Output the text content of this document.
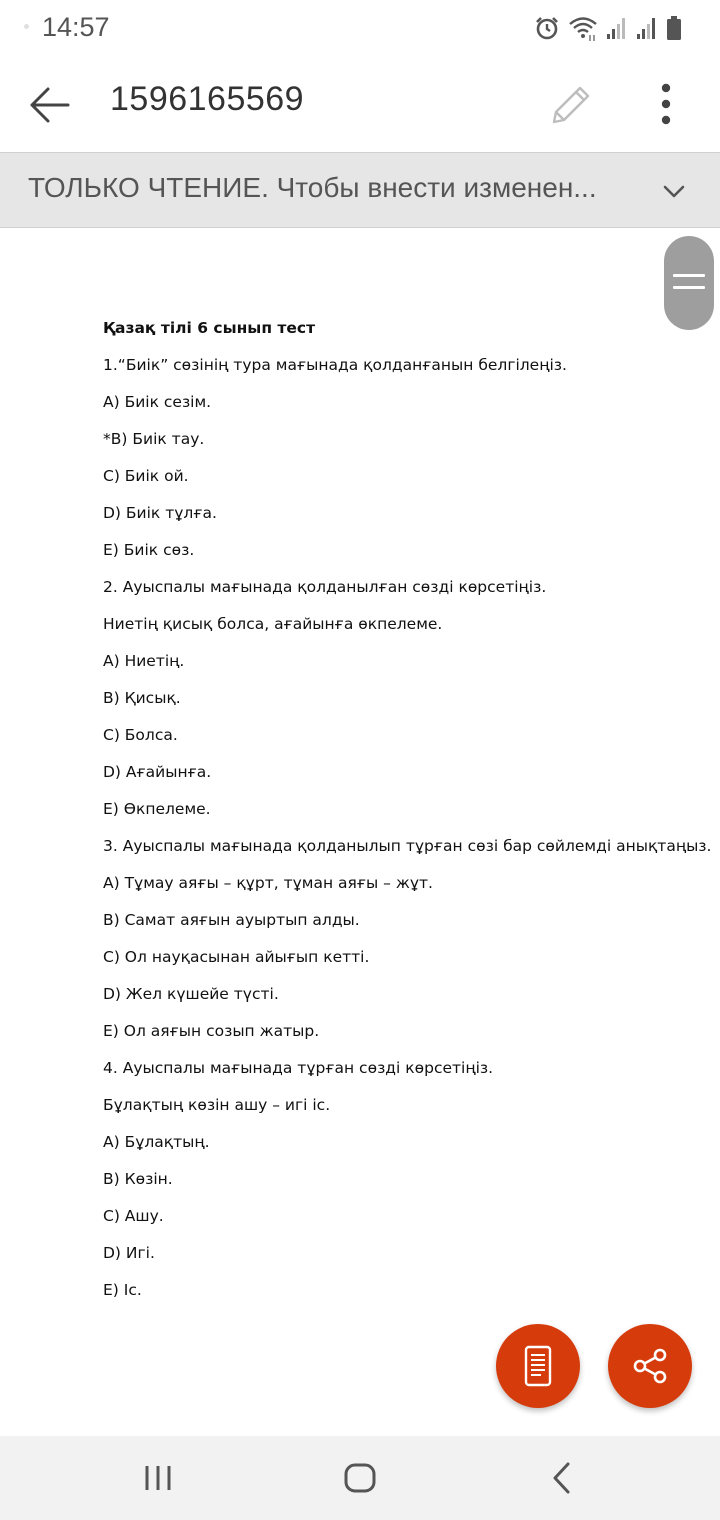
14:57
1596165569
ТОЛЬКО ЧТЕНИЕ. Чтобы внести изменен...
Қазақ тілі 6 сынып тест
1.“Биік” сөзінің тура мағынада қолданғанын белгілеңіз.
А) Биік сезім.
*В) Биік тау.
С) Биік ой.
D) Биік тұлға.
Е) Биік сөз.
2. Ауыспалы мағынада қолданылған сөзді көрсетіңіз.
Ниетің қисық болса, ағайынға өкпелеме.
А) Ниетің.
В) Қисық.
С) Болса.
D) Ағайынға.
Е) Өкпелеме.
3. Ауыспалы мағынада қолданылып тұрған сөзі бар сөйлемді анықтаңыз.
А) Тұмау аяғы – құрт, тұман аяғы – жұт.
В) Самат аяғын ауыртып алды.
С) Ол науқасынан айығып кетті.
D) Жел күшейе түсті.
Е) Ол аяғын созып жатыр.
4. Ауыспалы мағынада тұрған сөзді көрсетіңіз.
Бұлақтың көзін ашу – игі іс.
А) Бұлақтың.
В) Көзін.
С) Ашу.
D) Игі.
Е) Іс.
